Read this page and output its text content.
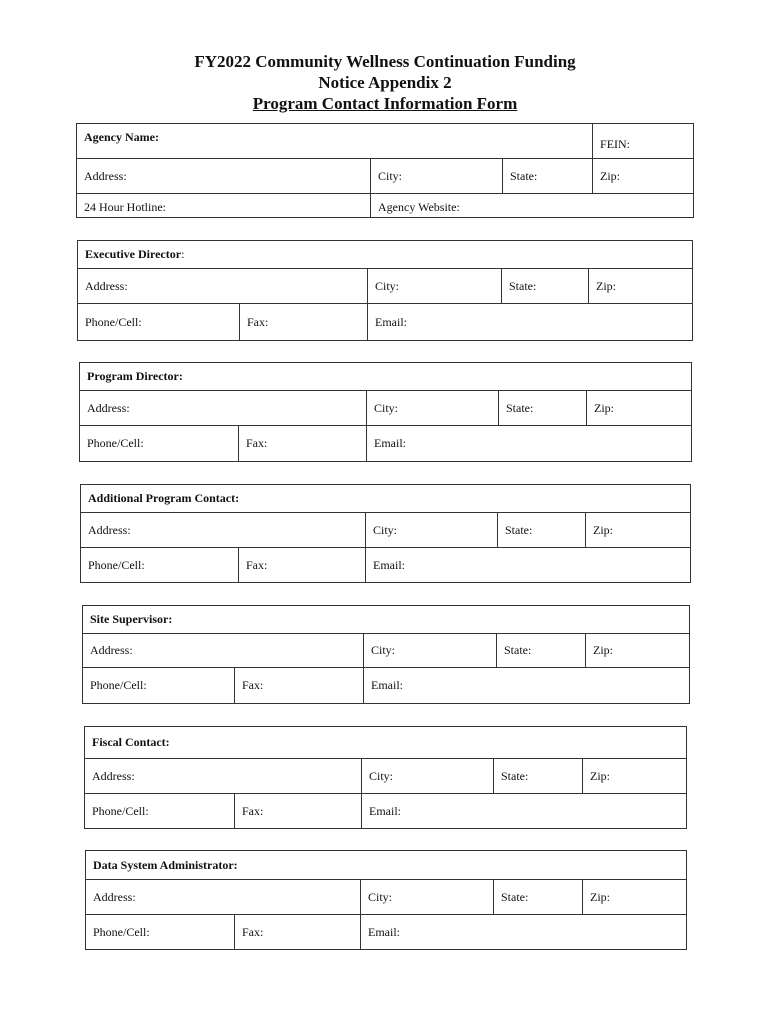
FY2022 Community Wellness Continuation Funding
Notice Appendix 2
Program Contact Information Form
Agency Name:			FEIN:
Address:	City:	State:	Zip:
24 Hour Hotline:	Agency Website:		
Executive Director:				
Address:		City:	State:	Zip:
Phone/Cell:	Fax:	Email:		
Program Director:				
Address:		City:	State:	Zip:
Phone/Cell:	Fax:	Email:		
Additional Program Contact:				
Address:		City:	State:	Zip:
Phone/Cell:	Fax:	Email:		
Site Supervisor:				
Address:		City:	State:	Zip:
Phone/Cell:	Fax:	Email:		
Fiscal Contact:				
Address:		City:	State:	Zip:
Phone/Cell:	Fax:	Email:		
Data System Administrator:				
Address:		City:	State:	Zip:
Phone/Cell:	Fax:	Email:		
